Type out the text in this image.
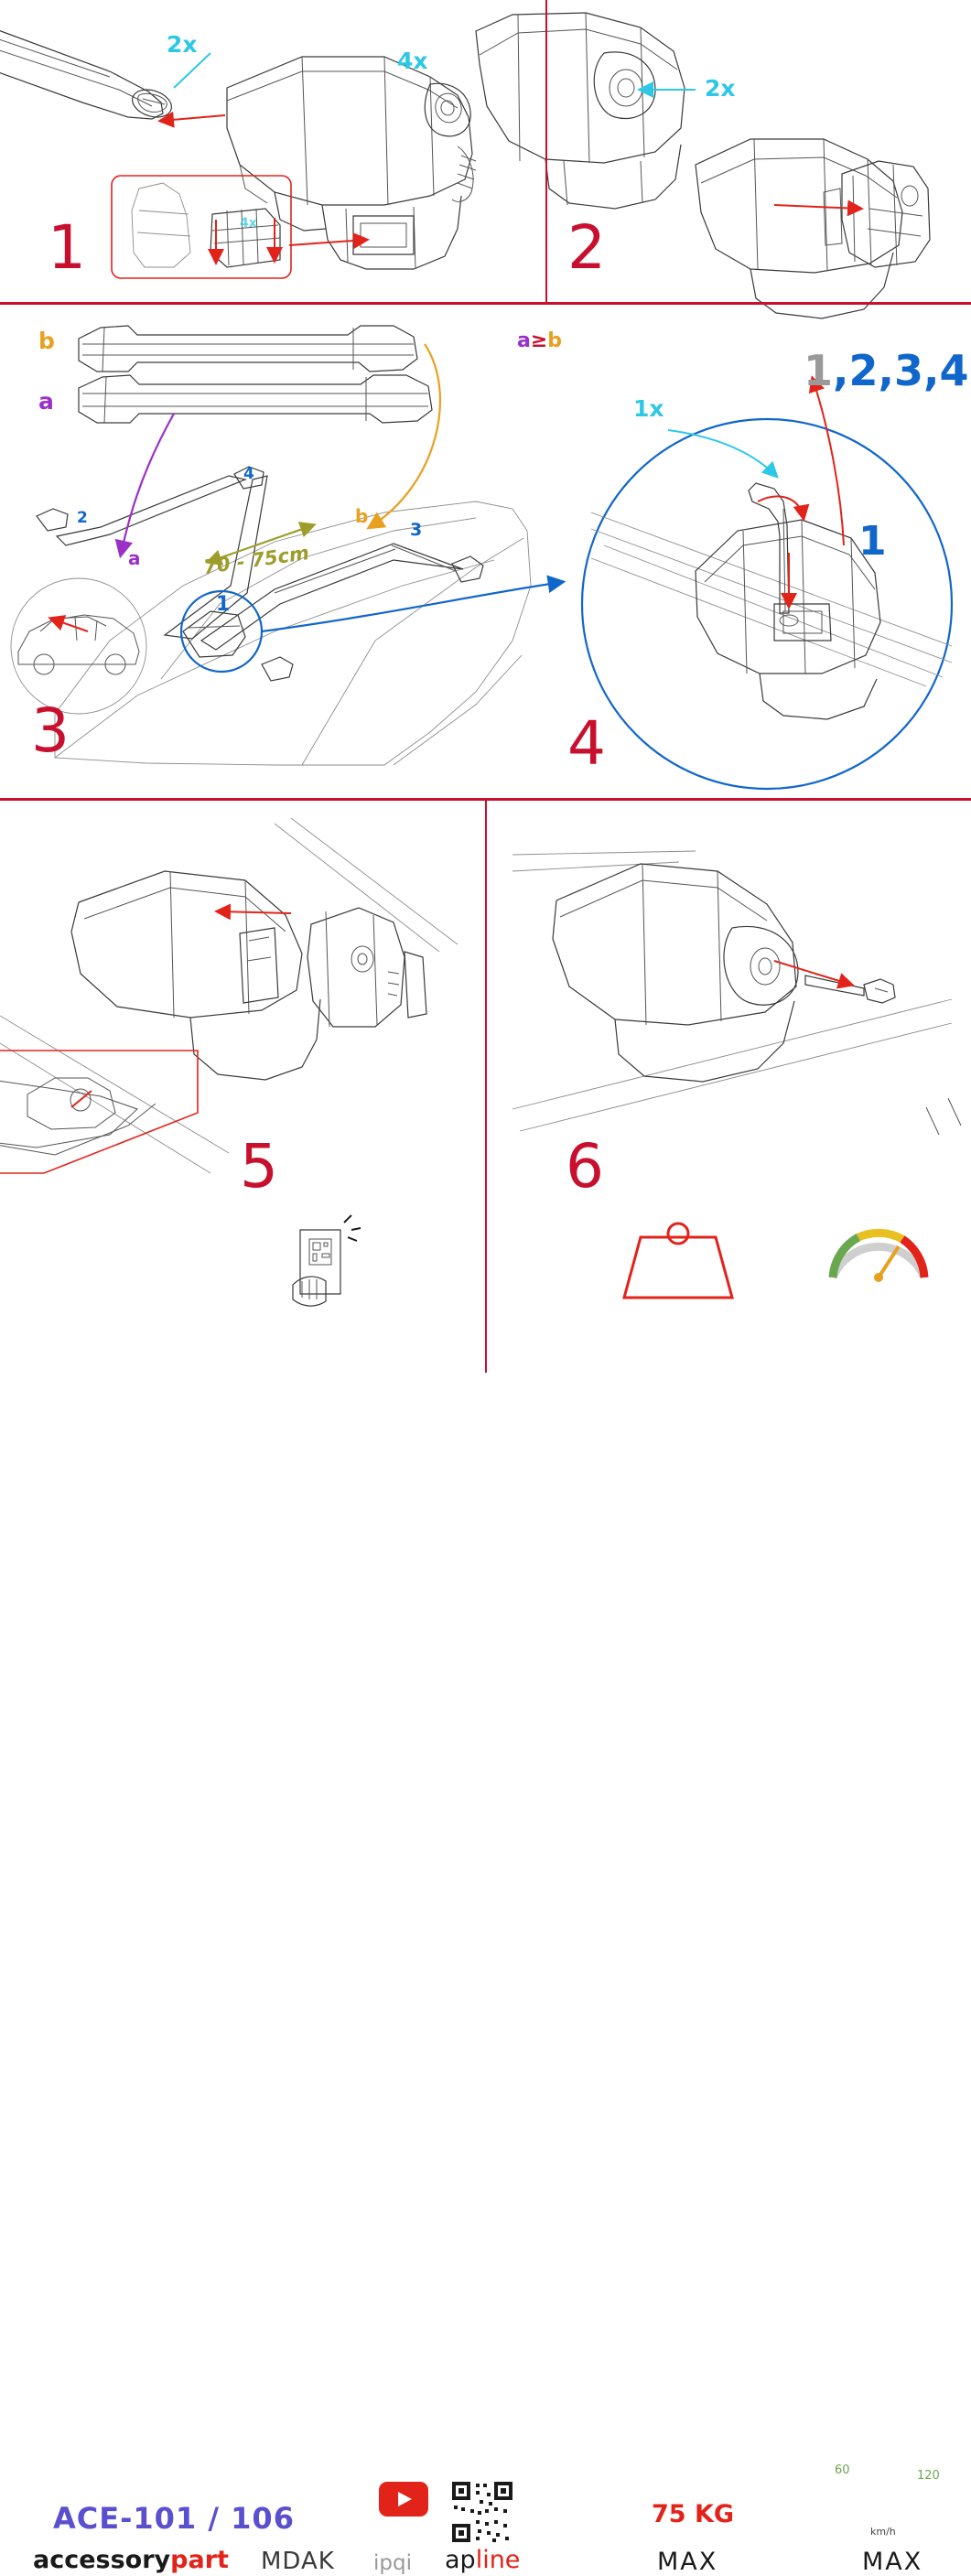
1	2
3	4
5	6
2x
4x
4x
2x
b
a
a
b
1
2
3
4
70 - 75cm
a≥b
1x
1,2,3,4
1
ACE-101 / 106
accessorypart MDAK ipqi apline
75 KG
MAX	MAX
60	120
km/h
